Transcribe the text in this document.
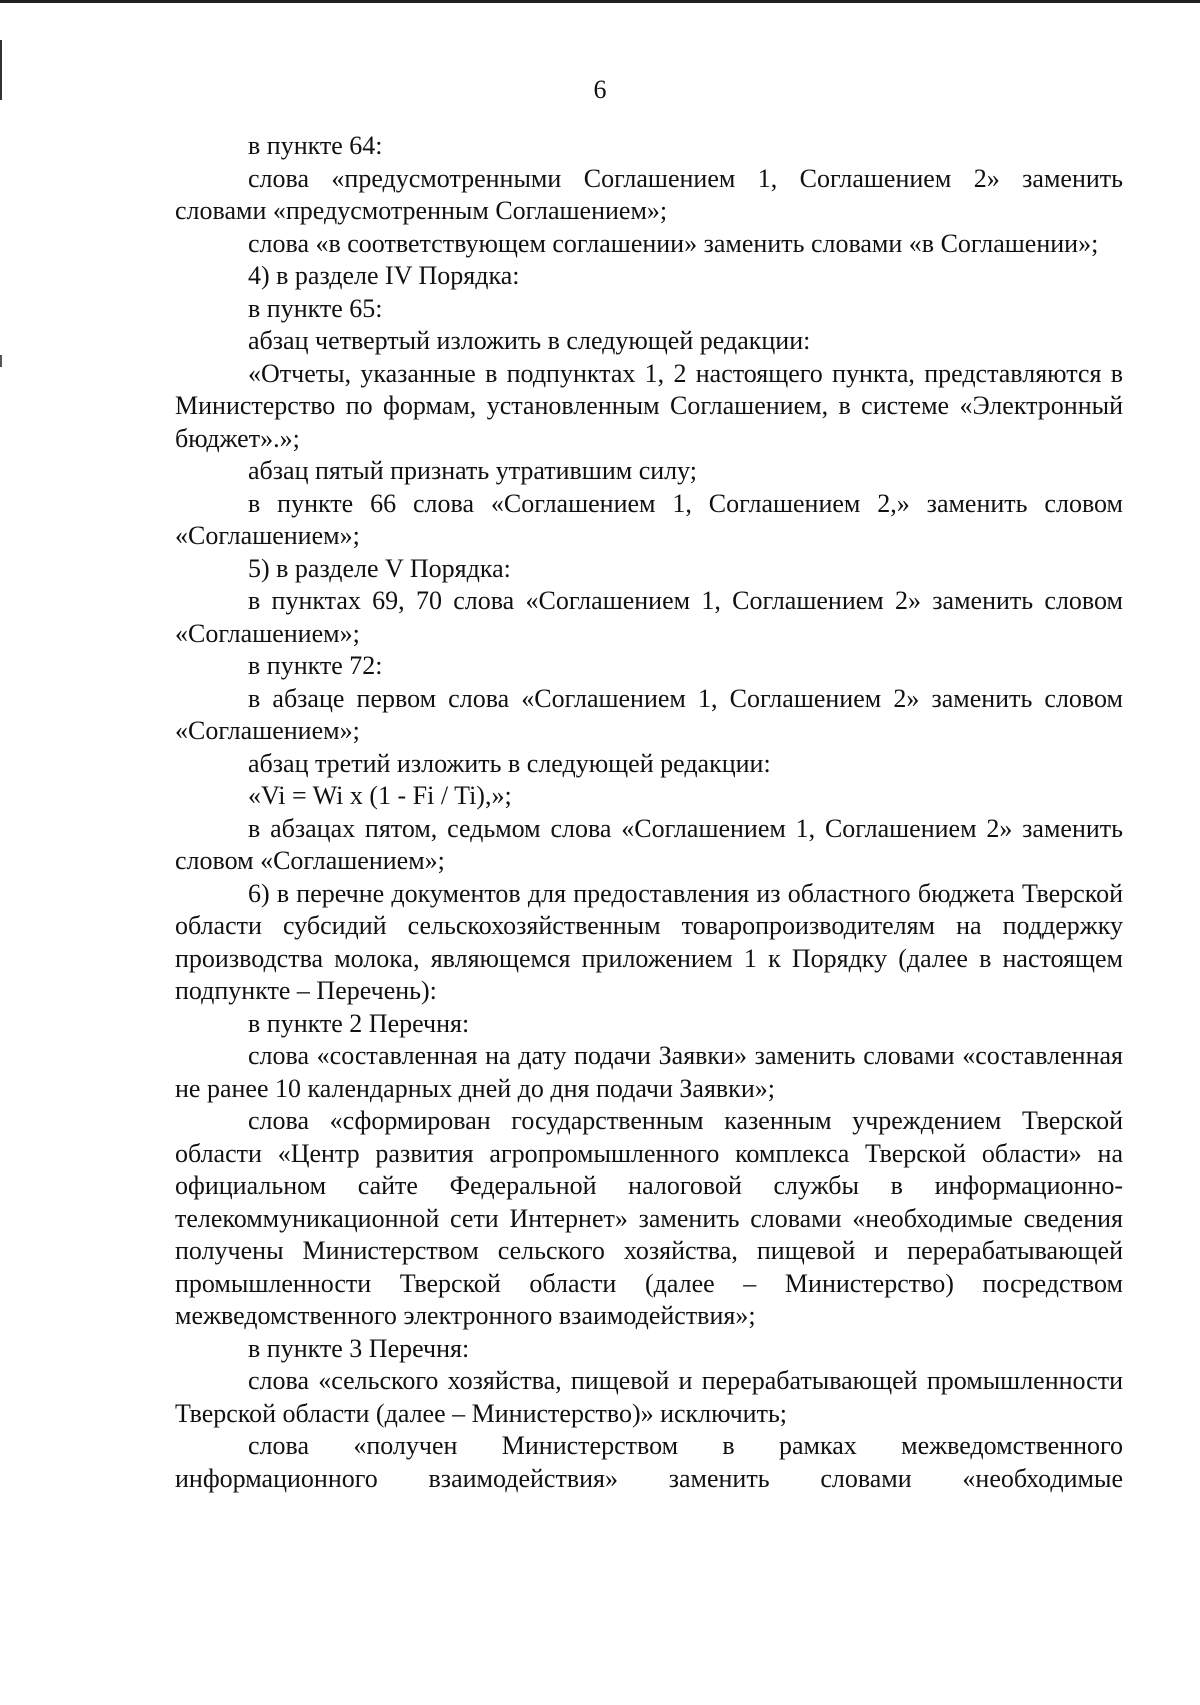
6

в пункте 64:

слова «предусмотренными Соглашением 1, Соглашением 2» заменить словами «предусмотренным Соглашением»;

слова «в соответствующем соглашении» заменить словами «в Соглашении»;

4) в разделе IV Порядка:

в пункте 65:

абзац четвертый изложить в следующей редакции:

«Отчеты, указанные в подпунктах 1, 2 настоящего пункта, представляются в Министерство по формам, установленным Соглашением, в системе «Электронный бюджет».»;

абзац пятый признать утратившим силу;

в пункте 66 слова «Соглашением 1, Соглашением 2,» заменить словом «Соглашением»;

5) в разделе V Порядка:

в пунктах 69, 70 слова «Соглашением 1, Соглашением 2» заменить словом «Соглашением»;

в пункте 72:

в абзаце первом слова «Соглашением 1, Соглашением 2» заменить словом «Соглашением»;

абзац третий изложить в следующей редакции:

«Vi = Wi x (1 - Fi / Ti),»;

в абзацах пятом, седьмом слова «Соглашением 1, Соглашением 2» заменить словом «Соглашением»;

6) в перечне документов для предоставления из областного бюджета Тверской области субсидий сельскохозяйственным товаропроизводителям на поддержку производства молока, являющемся приложением 1 к Порядку (далее в настоящем подпункте – Перечень):

в пункте 2 Перечня:

слова «составленная на дату подачи Заявки» заменить словами «составленная не ранее 10 календарных дней до дня подачи Заявки»;

слова «сформирован государственным казенным учреждением Тверской области «Центр развития агропромышленного комплекса Тверской области» на официальном сайте Федеральной налоговой службы в информационно-телекоммуникационной сети Интернет» заменить словами «необходимые сведения получены Министерством сельского хозяйства, пищевой и перерабатывающей промышленности Тверской области (далее – Министерство) посредством межведомственного электронного взаимодействия»;

в пункте 3 Перечня:

слова «сельского хозяйства, пищевой и перерабатывающей промышленности Тверской области (далее – Министерство)» исключить;

слова «получен Министерством в рамках межведомственного информационного взаимодействия» заменить словами «необходимые
